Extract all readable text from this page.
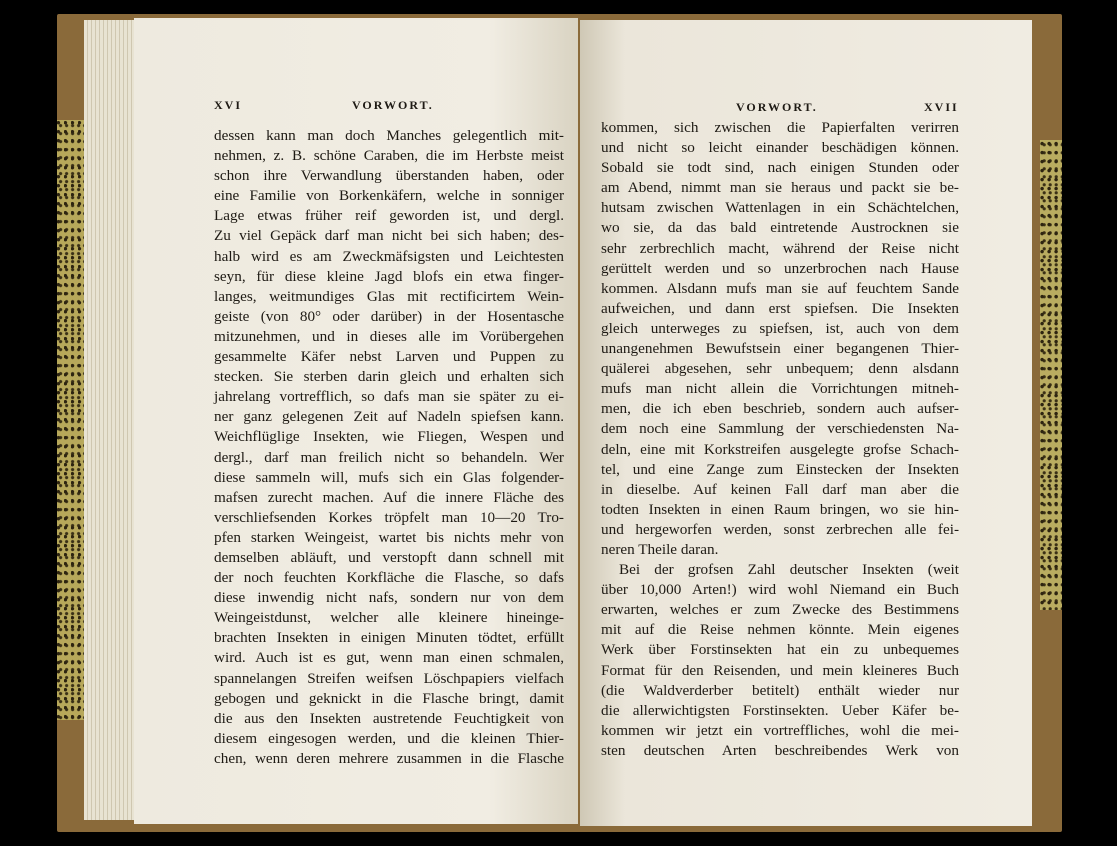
XVI	VORWORT.
dessen kann man doch Manches gelegentlich mit-
nehmen, z. B. schöne Caraben, die im Herbste meist
schon ihre Verwandlung überstanden haben, oder
eine Familie von Borkenkäfern, welche in sonniger
Lage etwas früher reif geworden ist, und dergl.
Zu viel Gepäck darf man nicht bei sich haben; des-
halb wird es am Zweckmäfsigsten und Leichtesten
seyn, für diese kleine Jagd blofs ein etwa finger-
langes, weitmundiges Glas mit rectificirtem Wein-
geiste (von 80° oder darüber) in der Hosentasche
mitzunehmen, und in dieses alle im Vorübergehen
gesammelte Käfer nebst Larven und Puppen zu
stecken. Sie sterben darin gleich und erhalten sich
jahrelang vortrefflich, so dafs man sie später zu ei-
ner ganz gelegenen Zeit auf Nadeln spiefsen kann.
Weichflüglige Insekten, wie Fliegen, Wespen und
dergl., darf man freilich nicht so behandeln. Wer
diese sammeln will, mufs sich ein Glas folgender-
mafsen zurecht machen. Auf die innere Fläche des
verschliefsenden Korkes tröpfelt man 10—20 Tro-
pfen starken Weingeist, wartet bis nichts mehr von
demselben abläuft, und verstopft dann schnell mit
der noch feuchten Korkfläche die Flasche, so dafs
diese inwendig nicht nafs, sondern nur von dem
Weingeistdunst, welcher alle kleinere hineinge-
brachten Insekten in einigen Minuten tödtet, erfüllt
wird. Auch ist es gut, wenn man einen schmalen,
spannelangen Streifen weifsen Löschpapiers vielfach
gebogen und geknickt in die Flasche bringt, damit
die aus den Insekten austretende Feuchtigkeit von
diesem eingesogen werden, und die kleinen Thier-
chen, wenn deren mehrere zusammen in die Flasche
VORWORT.	XVII
kommen, sich zwischen die Papierfalten verirren
und nicht so leicht einander beschädigen können.
Sobald sie todt sind, nach einigen Stunden oder
am Abend, nimmt man sie heraus und packt sie be-
hutsam zwischen Wattenlagen in ein Schächtelchen,
wo sie, da das bald eintretende Austrocknen sie
sehr zerbrechlich macht, während der Reise nicht
gerüttelt werden und so unzerbrochen nach Hause
kommen. Alsdann mufs man sie auf feuchtem Sande
aufweichen, und dann erst spiefsen. Die Insekten
gleich unterweges zu spiefsen, ist, auch von dem
unangenehmen Bewufstsein einer begangenen Thier-
quälerei abgesehen, sehr unbequem; denn alsdann
mufs man nicht allein die Vorrichtungen mitneh-
men, die ich eben beschrieb, sondern auch aufser-
dem noch eine Sammlung der verschiedensten Na-
deln, eine mit Korkstreifen ausgelegte grofse Schach-
tel, und eine Zange zum Einstecken der Insekten
in dieselbe. Auf keinen Fall darf man aber die
todten Insekten in einen Raum bringen, wo sie hin-
und hergeworfen werden, sonst zerbrechen alle fei-
neren Theile daran.
Bei der grofsen Zahl deutscher Insekten (weit
über 10,000 Arten!) wird wohl Niemand ein Buch
erwarten, welches er zum Zwecke des Bestimmens
mit auf die Reise nehmen könnte. Mein eigenes
Werk über Forstinsekten hat ein zu unbequemes
Format für den Reisenden, und mein kleineres Buch
(die Waldverderber betitelt) enthält wieder nur
die allerwichtigsten Forstinsekten. Ueber Käfer be-
kommen wir jetzt ein vortreffliches, wohl die mei-
sten deutschen Arten beschreibendes Werk von
